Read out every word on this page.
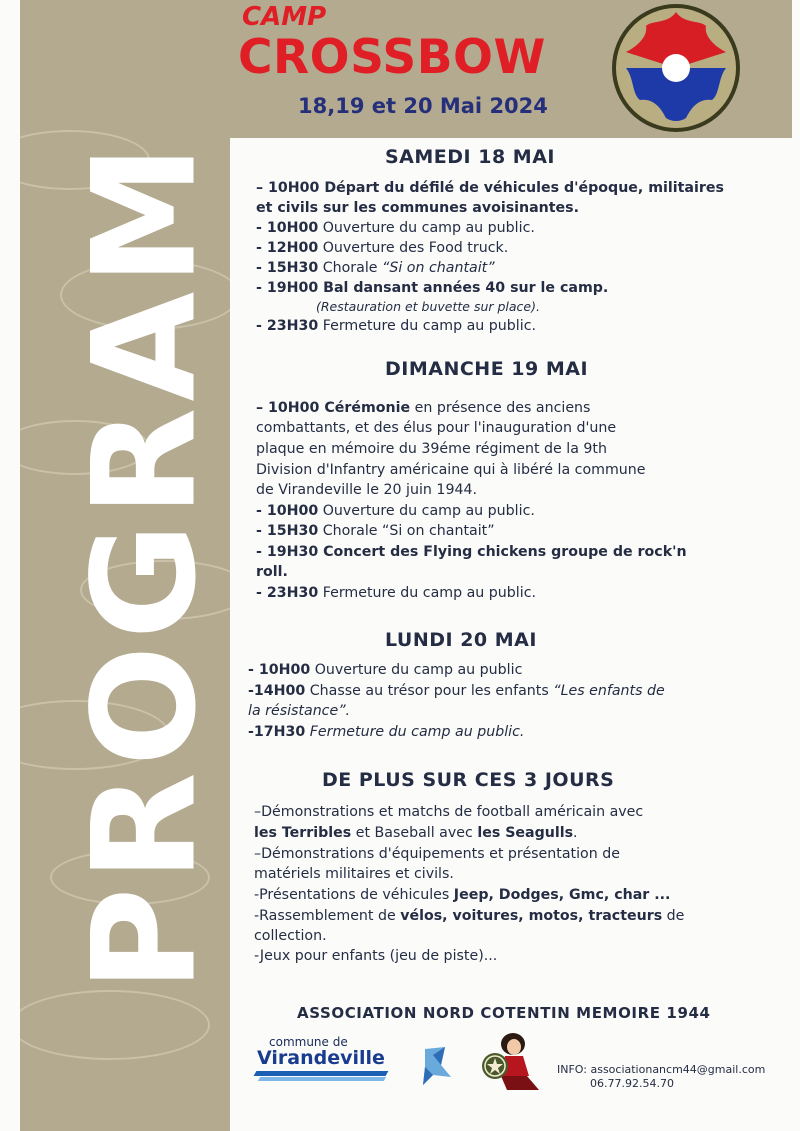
PROGRAM
CAMP
CROSSBOW
18,19 et 20 Mai 2024
SAMEDI 18 MAI
– 10H00 Départ du défilé de véhicules d'époque, militaires
et civils sur les communes avoisinantes.
- 10H00 Ouverture du camp au public.
- 12H00 Ouverture des Food truck.
- 15H30 Chorale “Si on chantait”
- 19H00 Bal dansant années 40 sur le camp.
(Restauration et buvette sur place).
- 23H30 Fermeture du camp au public.
DIMANCHE 19 MAI
– 10H00 Cérémonie en présence des anciens
combattants, et des élus pour l'inauguration d'une
plaque en mémoire du 39éme régiment de la 9th
Division d'Infantry américaine qui à libéré la commune
de Virandeville le 20 juin 1944.
- 10H00 Ouverture du camp au public.
- 15H30 Chorale “Si on chantait”
- 19H30 Concert des Flying chickens groupe de rock'n
roll.
- 23H30 Fermeture du camp au public.
LUNDI 20 MAI
- 10H00 Ouverture du camp au public
-14H00 Chasse au trésor pour les enfants “Les enfants de
la résistance”.
-17H30 Fermeture du camp au public.
DE PLUS SUR CES 3 JOURS
–Démonstrations et matchs de football américain avec
les Terribles et Baseball avec les Seagulls.
–Démonstrations d'équipements et présentation de
matériels militaires et civils.
-Présentations de véhicules Jeep, Dodges, Gmc, char ...
-Rassemblement de vélos, voitures, motos, tracteurs de
collection.
-Jeux pour enfants (jeu de piste)...
ASSOCIATION NORD COTENTIN MEMOIRE 1944
commune de
Virandeville
INFO: associationancm44@gmail.com
06.77.92.54.70
